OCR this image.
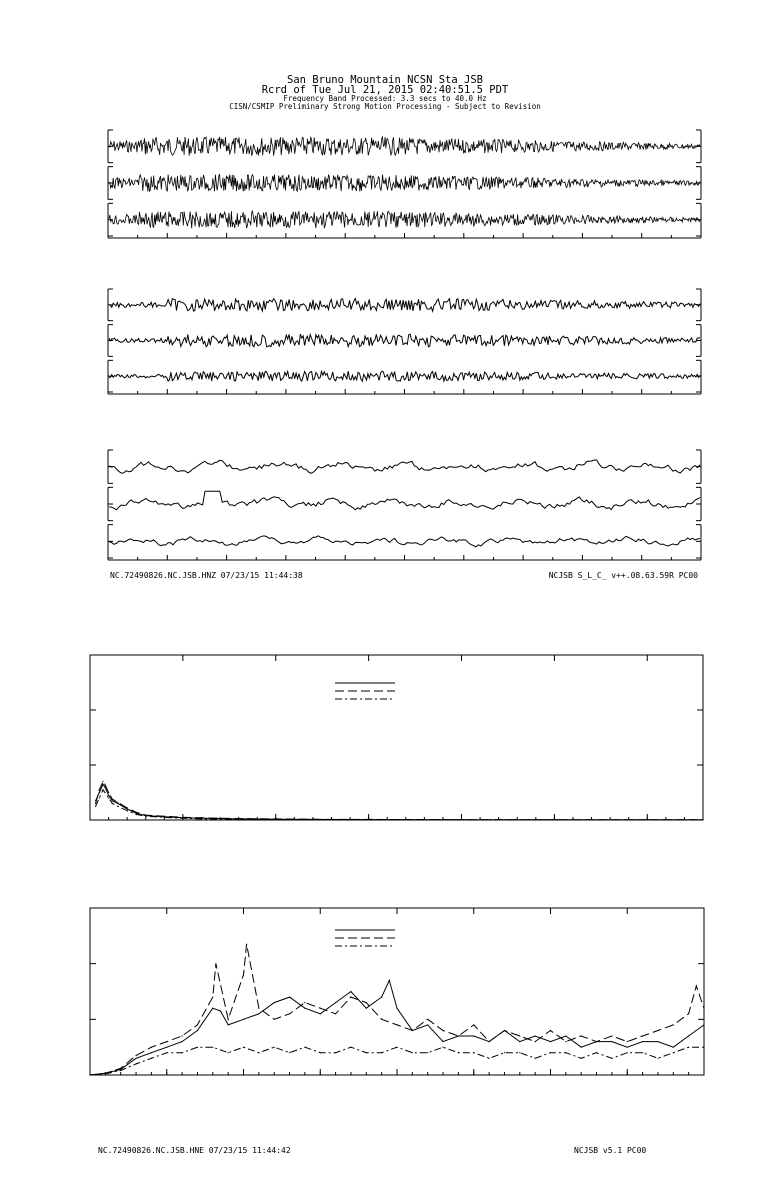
San Bruno Mountain NCSN Sta JSB
Rcrd of Tue Jul 21, 2015 02:40:51.5 PDT
Frequency Band Processed: 3.3 secs to 40.0 Hz
CISN/CSMIP Preliminary Strong Motion Processing - Subject to Revision
NC.72490826.NC.JSB.HNZ 07/23/15 11:44:38	NCJSB S_L_C_ v++.08.63.59R PC00
NC.72490826.NC.JSB.HNE 07/23/15 11:44:42	NCJSB v5.1 PC00
